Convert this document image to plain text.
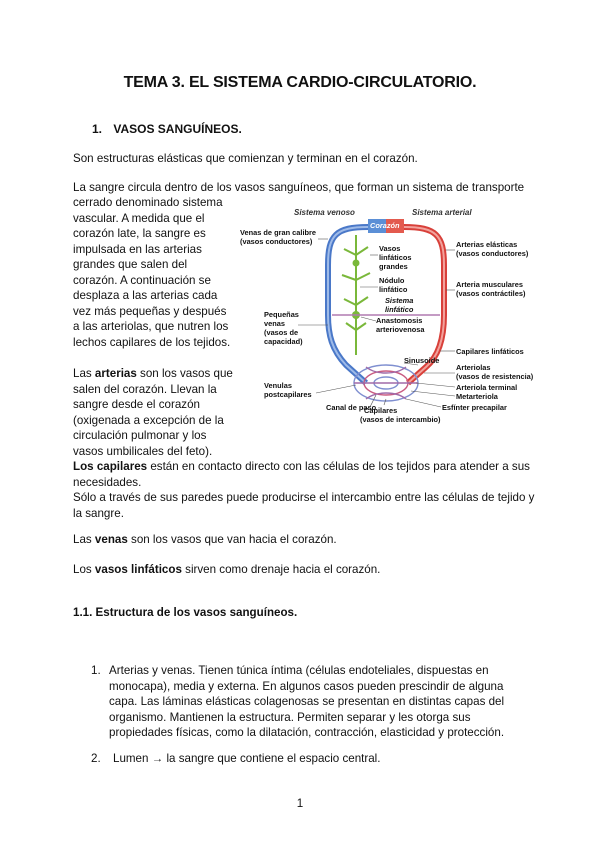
TEMA 3. EL SISTEMA CARDIO-CIRCULATORIO.
1. VASOS SANGUÍNEOS.

Son estructuras elásticas que comienzan y terminan en el corazón.

La sangre circula dentro de los vasos sanguíneos, que forman un sistema de transporte

cerrado denominado sistema vascular. A medida que el corazón late, la sangre es impulsada en las arterias grandes que salen del corazón. A continuación se desplaza a las arterias cada vez más pequeñas y después a las arteriolas, que nutren los lechos capilares de los tejidos.

Las arterias son los vasos que salen del corazón. Llevan la sangre desde el corazón (oxigenada a excepción de la circulación pulmonar y los vasos umbilicales del feto).

Los capilares están en contacto directo con las células de los tejidos para atender a sus necesidades.
Sólo a través de sus paredes puede producirse el intercambio entre las células de tejido y la sangre.

Las venas son los vasos que van hacia el corazón.

Los vasos linfáticos sirven como drenaje hacia el corazón.

1.1. Estructura de los vasos sanguíneos.
1. Arterias y venas. Tienen túnica íntima (células endoteliales, dispuestas en monocapa), media y externa. En algunos casos pueden prescindir de alguna capa. Las láminas elásticas colagenosas se presentan en distintas capas del organismo. Mantienen la estructura. Permiten separar y les otorga sus propiedades físicas, como la dilatación, contracción, elasticidad y protección.
2. Lumen → la sangre que contiene el espacio central.
1
Sistema venoso
Corazón
Sistema arterial
Venas de gran calibre (vasos conductores)
Pequeñas venas (vasos de capacidad)
Venulas postcapilares
Canal de paso
Vasos linfáticos grandes
Nódulo linfático
Sistema linfático
Anastomosis arteriovenosa
Sinusoide
Capilares (vasos de intercambio)
Arterias elásticas (vasos conductores)
Arteria musculares (vasos contráctiles)
Capilares linfáticos
Arteriolas (vasos de resistencia)
Arteriola terminal
Metarteriola
Esfínter precapilar
